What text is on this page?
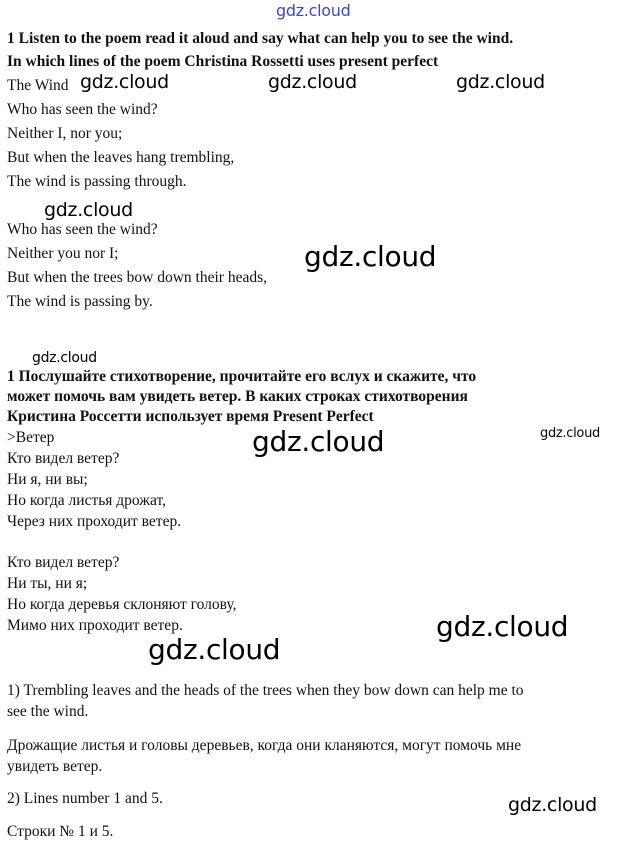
1 Listen to the poem read it aloud and say what can help you to see the wind.
In which lines of the poem Christina Rossetti uses present perfect
The Wind
Who has seen the wind?
Neither I, nor you;
But when the leaves hang trembling,
The wind is passing through.
Who has seen the wind?
Neither you nor I;
But when the trees bow down their heads,
The wind is passing by.
1 Послушайте стихотворение, прочитайте его вслух и скажите, что
может помочь вам увидеть ветер. В каких строках стихотворения
Кристина Россетти использует время Present Perfect
>Ветер
Кто видел ветер?
Ни я, ни вы;
Но когда листья дрожат,
Через них проходит ветер.
Кто видел ветер?
Ни ты, ни я;
Но когда деревья склоняют голову,
Мимо них проходит ветер.
1) Trembling leaves and the heads of the trees when they bow down can help me to
see the wind.
Дрожащие листья и головы деревьев, когда они кланяются, могут помочь мне
увидеть ветер.
2) Lines number 1 and 5.
Строки № 1 и 5.
gdz.cloud
gdz.cloud	gdz.cloud	gdz.cloud
gdz.cloud
gdz.cloud
gdz.cloud
gdz.cloud	gdz.cloud
gdz.cloud
gdz.cloud
gdz.cloud
